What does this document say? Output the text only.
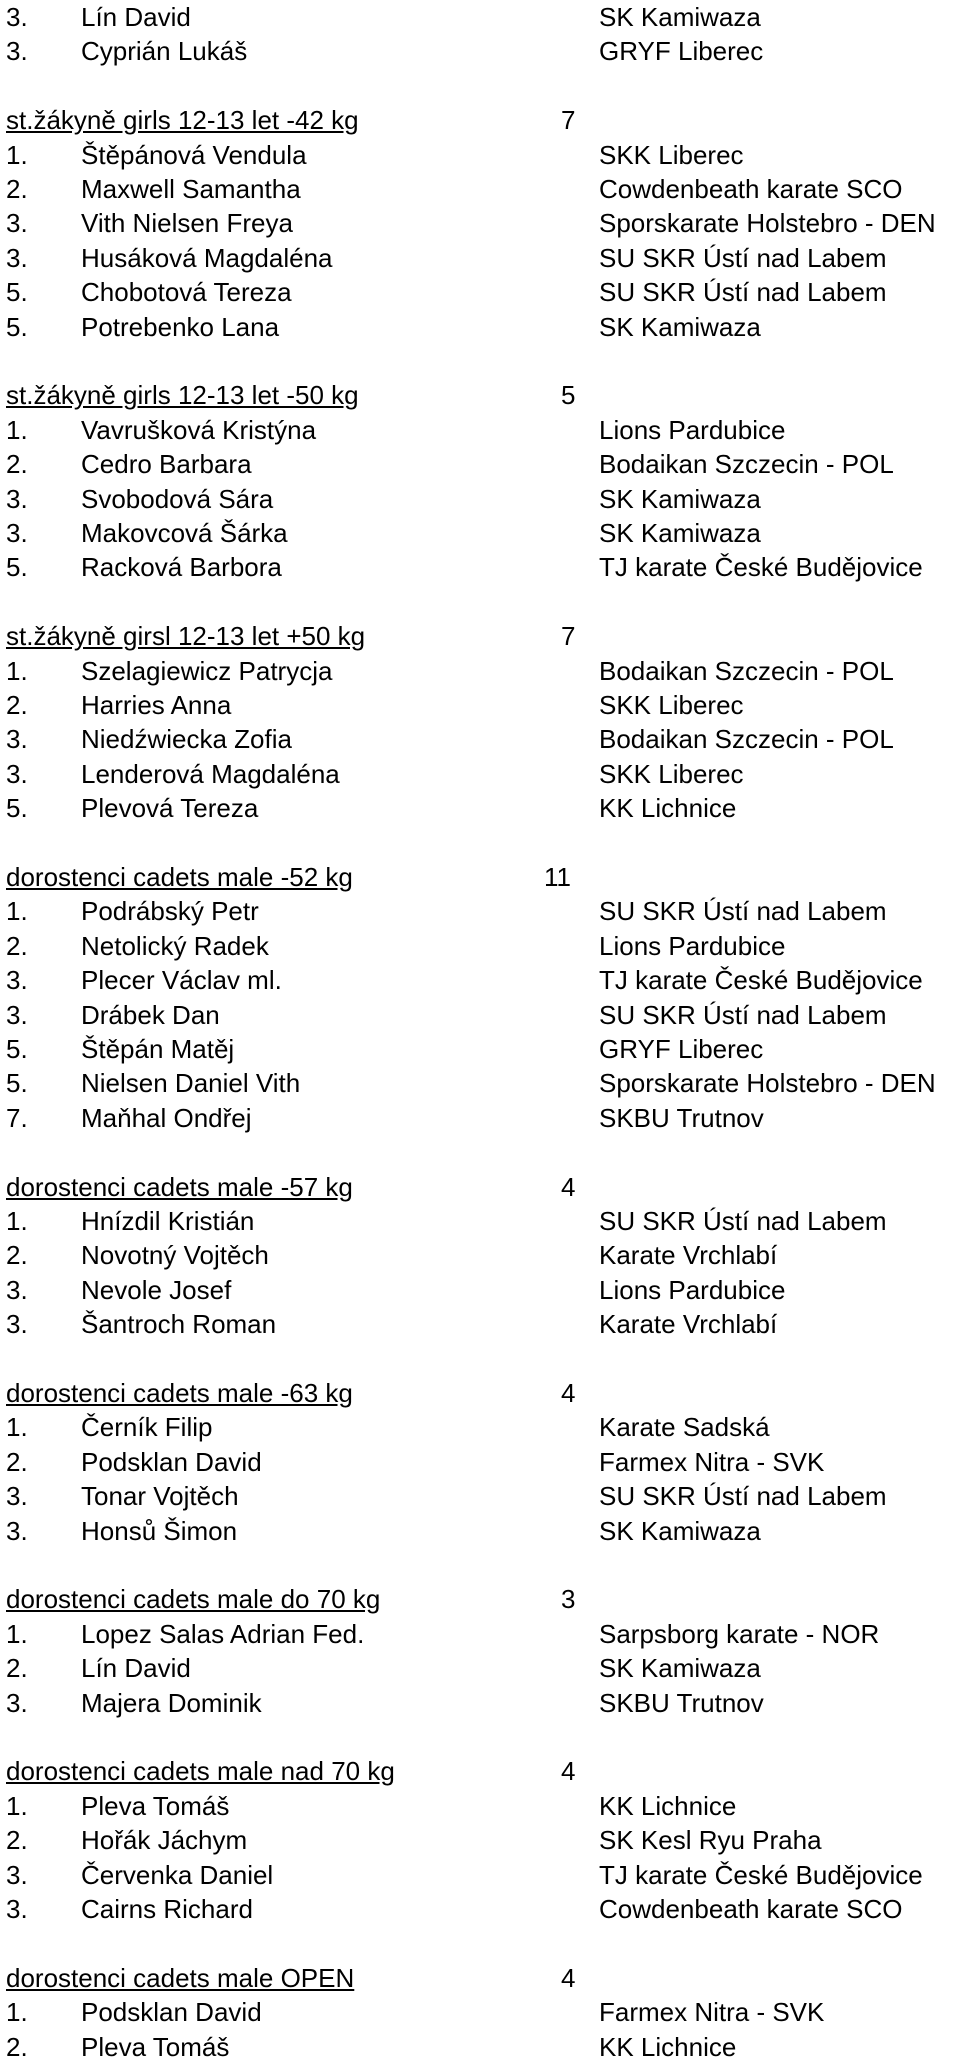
3. Lín David	SK Kamiwaza
3. Cyprián Lukáš	GRYF Liberec
st.žákyně girls 12-13 let -42 kg	7
1. Štěpánová Vendula	SKK Liberec
2. Maxwell Samantha	Cowdenbeath karate SCO
3. Vith Nielsen Freya	Sporskarate Holstebro - DEN
3. Husáková Magdaléna	SU SKR Ústí nad Labem
5. Chobotová Tereza	SU SKR Ústí nad Labem
5. Potrebenko Lana	SK Kamiwaza
st.žákyně girls 12-13 let -50 kg	5
1. Vavrušková Kristýna	Lions Pardubice
2. Cedro Barbara	Bodaikan Szczecin - POL
3. Svobodová Sára	SK Kamiwaza
3. Makovcová Šárka	SK Kamiwaza
5. Racková Barbora	TJ karate České Budějovice
st.žákyně girsl 12-13 let +50 kg	7
1. Szelagiewicz Patrycja	Bodaikan Szczecin - POL
2. Harries Anna	SKK Liberec
3. Niedźwiecka Zofia	Bodaikan Szczecin - POL
3. Lenderová Magdaléna	SKK Liberec
5. Plevová Tereza	KK Lichnice
dorostenci cadets male -52 kg	11
1. Podrábský Petr	SU SKR Ústí nad Labem
2. Netolický Radek	Lions Pardubice
3. Plecer Václav ml.	TJ karate České Budějovice
3. Drábek Dan	SU SKR Ústí nad Labem
5. Štěpán Matěj	GRYF Liberec
5. Nielsen Daniel Vith	Sporskarate Holstebro - DEN
7. Maňhal Ondřej	SKBU Trutnov
dorostenci cadets male -57 kg	4
1. Hnízdil Kristián	SU SKR Ústí nad Labem
2. Novotný Vojtěch	Karate Vrchlabí
3. Nevole Josef	Lions Pardubice
3. Šantroch Roman	Karate Vrchlabí
dorostenci cadets male -63 kg	4
1. Černík Filip	Karate Sadská
2. Podsklan David	Farmex Nitra - SVK
3. Tonar Vojtěch	SU SKR Ústí nad Labem
3. Honsů Šimon	SK Kamiwaza
dorostenci cadets male do 70 kg	3
1. Lopez Salas Adrian Fed.	Sarpsborg karate - NOR
2. Lín David	SK Kamiwaza
3. Majera Dominik	SKBU Trutnov
dorostenci cadets male nad 70 kg	4
1. Pleva Tomáš	KK Lichnice
2. Hořák Jáchym	SK Kesl Ryu Praha
3. Červenka Daniel	TJ karate České Budějovice
3. Cairns Richard	Cowdenbeath karate SCO
dorostenci cadets male OPEN	4
1. Podsklan David	Farmex Nitra - SVK
2. Pleva Tomáš	KK Lichnice
